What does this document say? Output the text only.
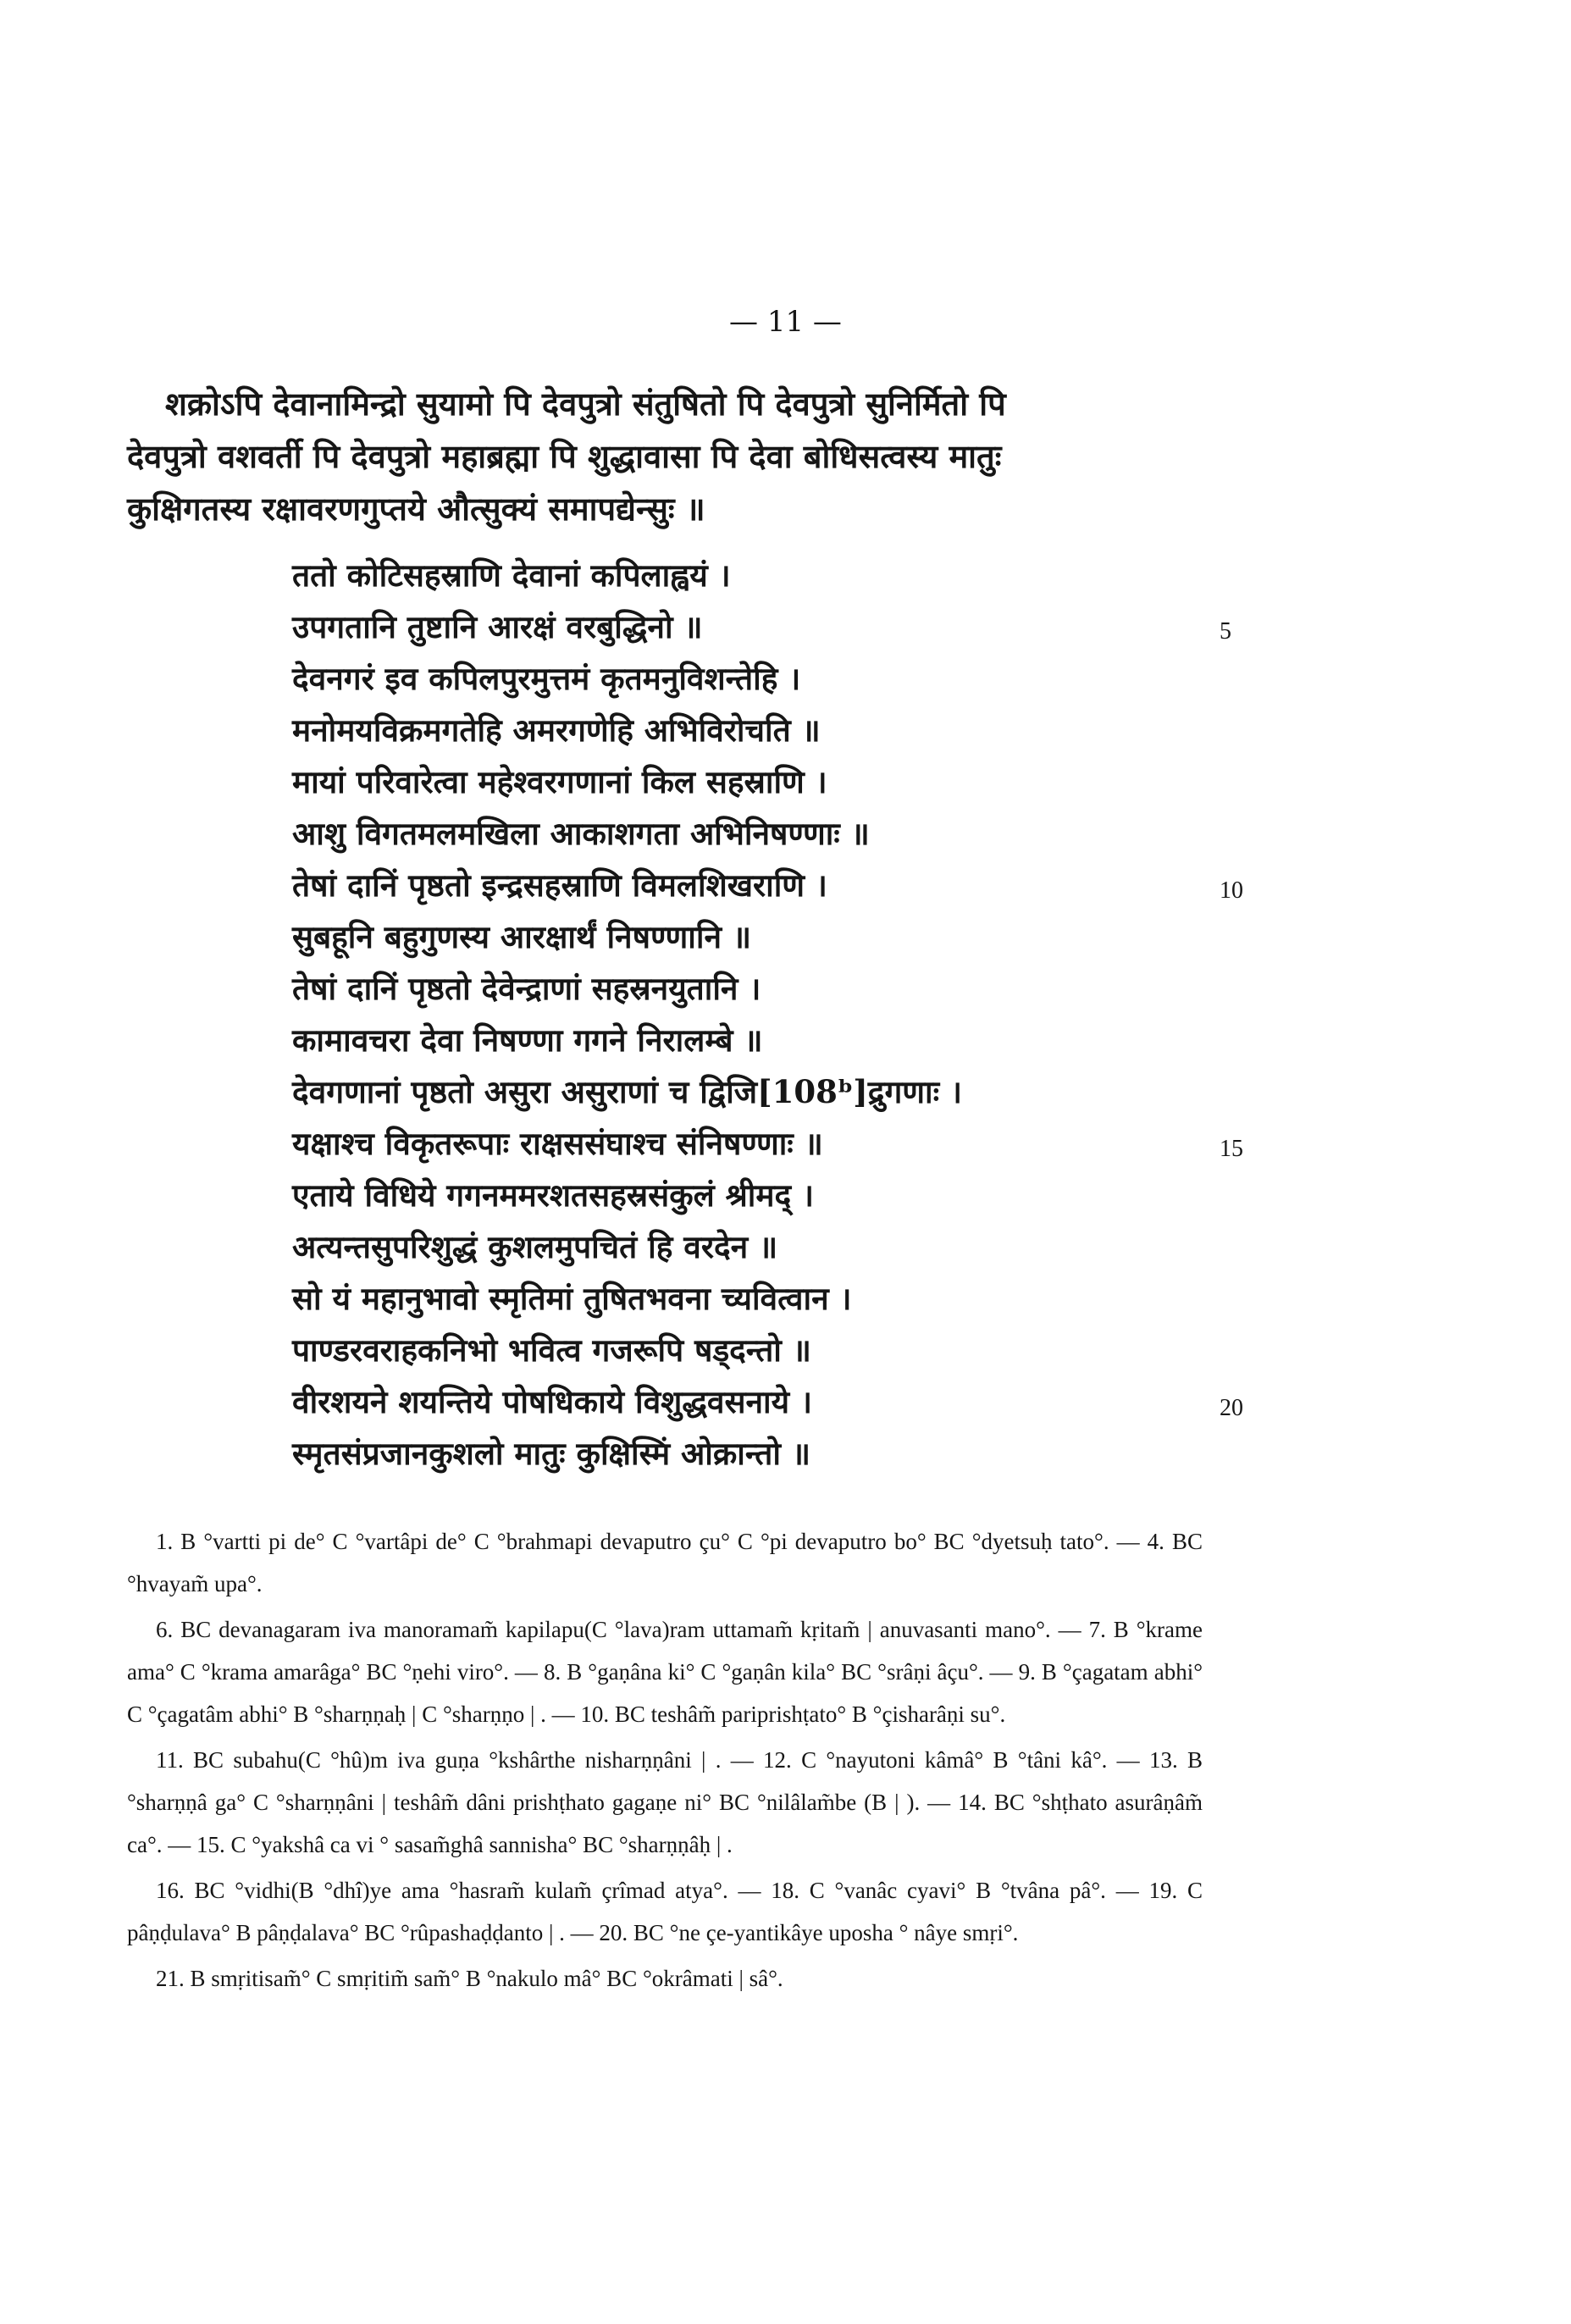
— 11 —
शक्रोऽपि देवानामिन्द्रो सुयामो पि देवपुत्रो संतुषितो पि देवपुत्रो सुनिर्मितो पि
देवपुत्रो वशवर्ती पि देवपुत्रो महाब्रह्मा पि शुद्धावासा पि देवा बोधिसत्वस्य मातुः
कुक्षिगतस्य रक्षावरणगुप्तये औत्सुक्यं समापद्येन्सुः ॥
ततो कोटिसहस्राणि देवानां कपिलाह्वयं ।
उपगतानि तुष्टानि आरक्षं वरबुद्धिनो ॥
देवनगरं इव कपिलपुरमुत्तमं कृतमनुविशन्तेहि ।
मनोमयविक्रमगतेहि अमरगणेहि अभिविरोचति ॥
मायां परिवारेत्वा महेश्वरगणानां किल सहस्राणि ।
आशु विगतमलमखिला आकाशगता अभिनिषण्णाः ॥
तेषां दानिं पृष्ठतो इन्द्रसहस्राणि विमलशिखराणि ।
सुबहूनि बहुगुणस्य आरक्षार्थं निषण्णानि ॥
तेषां दानिं पृष्ठतो देवेन्द्राणां सहस्रनयुतानि ।
कामावचरा देवा निषण्णा गगने निरालम्बे ॥
देवगणानां पृष्ठतो असुरा असुराणां च द्विजि[108ᵇ]द्रुगणाः ।
यक्षाश्च विकृतरूपाः राक्षससंघाश्च संनिषण्णाः ॥
एताये विधिये गगनममरशतसहस्रसंकुलं श्रीमद् ।
अत्यन्तसुपरिशुद्धं कुशलमुपचितं हि वरदेन ॥
सो यं महानुभावो स्मृतिमां तुषितभवना च्यवित्वान ।
पाण्डरवराहकनिभो भवित्व गजरूपि षड्दन्तो ॥
वीरशयने शयन्तिये पोषधिकाये विशुद्धवसनाये ।
स्मृतसंप्रजानकुशलो मातुः कुक्षिस्मिं ओक्रान्तो ॥
5
10
15
20

1. B °vartti pi de° C °vartâpi de° C °brahmapi devaputro çu° C °pi devaputro bo° BC °dyetsuḥ tato°. — 4. BC °hvayam̃ upa°.

6. BC devanagaram iva manoramam̃ kapilapu(C °lava)ram uttamam̃ kṛitam̃ | anuvasanti mano°. — 7. B °krame ama° C °krama amarâga° BC °ṇehi viro°. — 8. B °gaṇâna ki° C °gaṇân kila° BC °srâṇi âçu°. — 9. B °çagatam abhi° C °çagatâm abhi° B °sharṇṇaḥ | C °sharṇṇo | . — 10. BC teshâm̃ pariprishṭato° B °çisharâṇi su°.

11. BC subahu(C °hû)m iva guṇa °kshârthe nisharṇṇâni | . — 12. C °nayutoni kâmâ° B °tâni kâ°. — 13. B °sharṇṇâ ga° C °sharṇṇâni | teshâm̃ dâni prishṭhato gagaṇe ni° BC °nilâlam̃be (B | ). — 14. BC °shṭhato asurâṇâm̃ ca°. — 15. C °yakshâ ca vi ° sasam̃ghâ sannisha° BC °sharṇṇâḥ | .

16. BC °vidhi(B °dhî)ye ama °hasram̃ kulam̃ çrîmad atya°. — 18. C °vanâc cyavi° B °tvâna pâ°. — 19. C pâṇḍulava° B pâṇḍalava° BC °rûpashaḍḍanto | . — 20. BC °ne çe-yantikâye uposha ° nâye smṛi°.

21. B smṛitisam̃° C smṛitim̃ sam̃° B °nakulo mâ° BC °okrâmati | sâ°.
